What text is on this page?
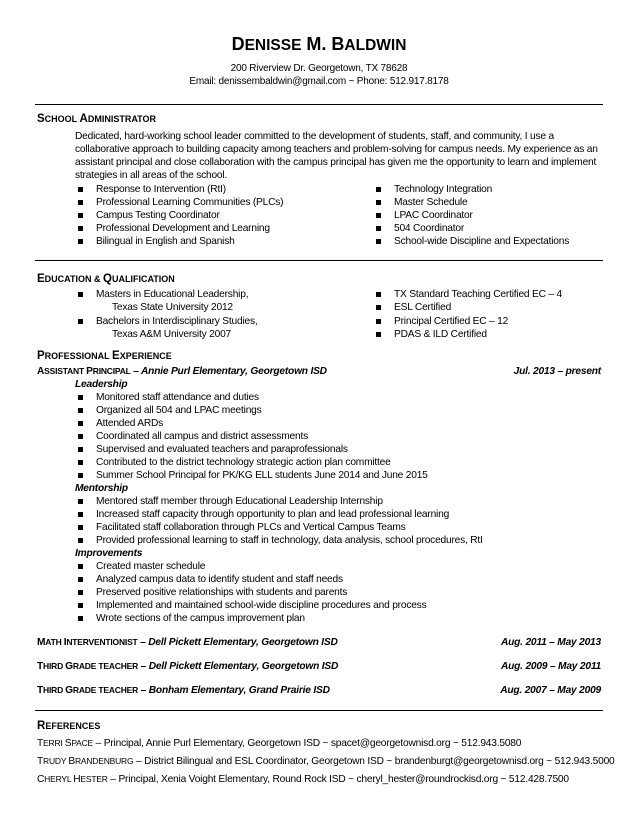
DENISSE M. BALDWIN
200 Riverview Dr. Georgetown, TX 78628
Email: denissembaldwin@gmail.com ~ Phone: 512.917.8178
SCHOOL ADMINISTRATOR
Dedicated, hard-working school leader committed to the development of students, staff, and community, I use a collaborative approach to building capacity among teachers and problem-solving for campus needs. My experience as an assistant principal and close collaboration with the campus principal has given me the opportunity to learn and implement strategies in all areas of the school.
Response to Intervention (RtI)
Professional Learning Communities (PLCs)
Campus Testing Coordinator
Professional Development and Learning
Bilingual in English and Spanish
Technology Integration
Master Schedule
LPAC Coordinator
504 Coordinator
School-wide Discipline and Expectations
EDUCATION & QUALIFICATION
Masters in Educational Leadership,
Texas State University 2012
Bachelors in Interdisciplinary Studies,
Texas A&M University 2007
TX Standard Teaching Certified EC – 4
ESL Certified
Principal Certified EC – 12
PDAS & ILD Certified
PROFESSIONAL EXPERIENCE
ASSISTANT PRINCIPAL – Annie Purl Elementary, Georgetown ISD	Jul. 2013 – present
Leadership
Monitored staff attendance and duties
Organized all 504 and LPAC meetings
Attended ARDs
Coordinated all campus and district assessments
Supervised and evaluated teachers and paraprofessionals
Contributed to the district technology strategic action plan committee
Summer School Principal for PK/KG ELL students June 2014 and June 2015
Mentorship
Mentored staff member through Educational Leadership Internship
Increased staff capacity through opportunity to plan and lead professional learning
Facilitated staff collaboration through PLCs and Vertical Campus Teams
Provided professional learning to staff in technology, data analysis, school procedures, RtI
Improvements
Created master schedule
Analyzed campus data to identify student and staff needs
Preserved positive relationships with students and parents
Implemented and maintained school-wide discipline procedures and process
Wrote sections of the campus improvement plan
MATH INTERVENTIONIST – Dell Pickett Elementary, Georgetown ISD	Aug. 2011 – May 2013
THIRD GRADE TEACHER – Dell Pickett Elementary, Georgetown ISD	Aug. 2009 – May 2011
THIRD GRADE TEACHER – Bonham Elementary, Grand Prairie ISD	Aug. 2007 – May 2009
REFERENCES
TERRI SPACE – Principal, Annie Purl Elementary, Georgetown ISD ~ spacet@georgetownisd.org ~ 512.943.5080
TRUDY BRANDENBURG – District Bilingual and ESL Coordinator, Georgetown ISD ~ brandenburgt@georgetownisd.org ~ 512.943.5000
CHERYL HESTER – Principal, Xenia Voight Elementary, Round Rock ISD ~ cheryl_hester@roundrockisd.org ~ 512.428.7500
